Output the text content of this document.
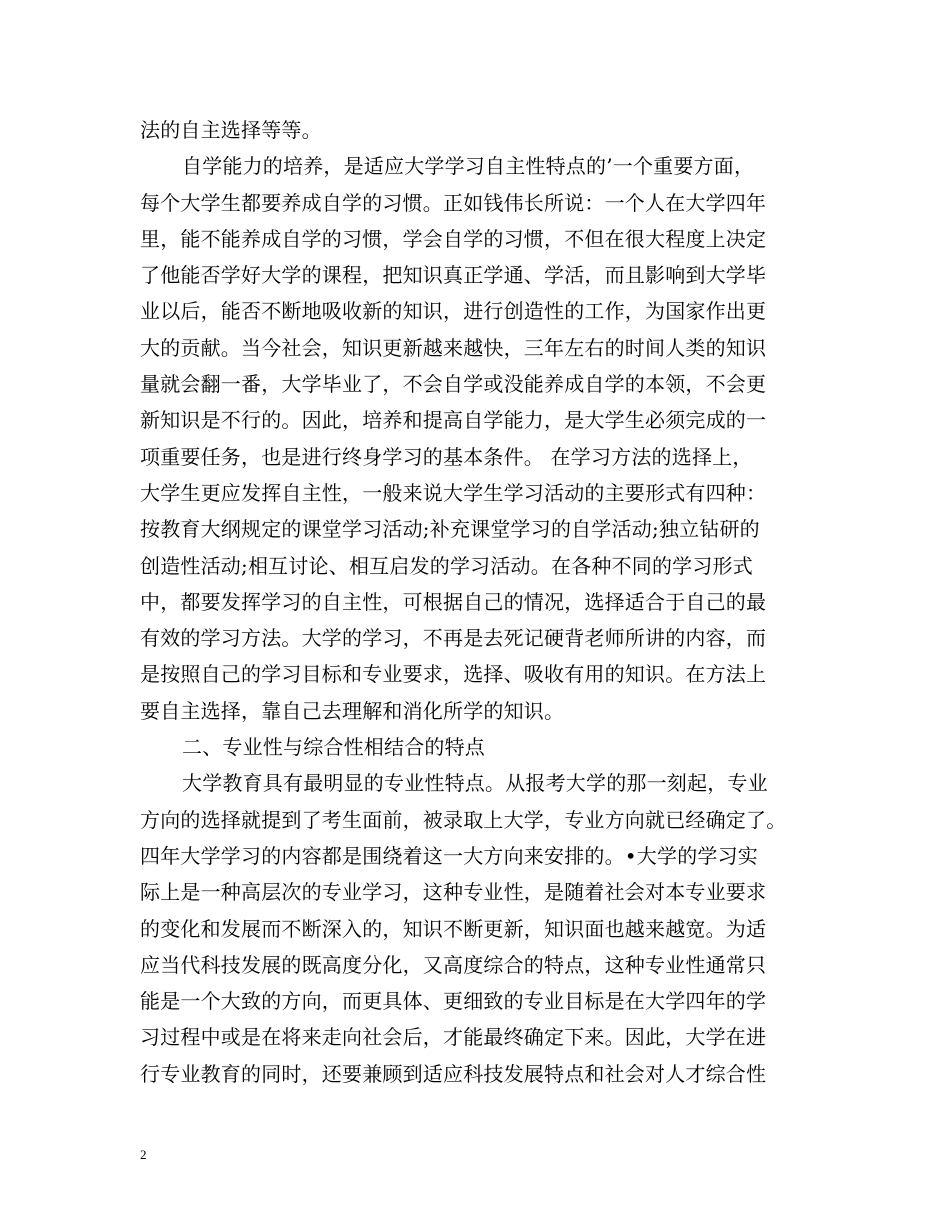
法的自主选择等等。
自学能力的培养，是适应大学学习自主性特点的’一个重要方面，
每个大学生都要养成自学的习惯。正如钱伟长所说：一个人在大学四年
里，能不能养成自学的习惯，学会自学的习惯，不但在很大程度上决定
了他能否学好大学的课程，把知识真正学通、学活，而且影响到大学毕
业以后，能否不断地吸收新的知识，进行创造性的工作，为国家作出更
大的贡献。当今社会，知识更新越来越快，三年左右的时间人类的知识
量就会翻一番，大学毕业了，不会自学或没能养成自学的本领，不会更
新知识是不行的。因此，培养和提高自学能力，是大学生必须完成的一
项重要任务，也是进行终身学习的基本条件。 在学习方法的选择上，
大学生更应发挥自主性，一般来说大学生学习活动的主要形式有四种：
按教育大纲规定的课堂学习活动;补充课堂学习的自学活动;独立钻研的
创造性活动;相互讨论、相互启发的学习活动。在各种不同的学习形式
中，都要发挥学习的自主性，可根据自己的情况，选择适合于自己的最
有效的学习方法。大学的学习，不再是去死记硬背老师所讲的内容，而
是按照自己的学习目标和专业要求，选择、吸收有用的知识。在方法上
要自主选择，靠自己去理解和消化所学的知识。
二、专业性与综合性相结合的特点
大学教育具有最明显的专业性特点。从报考大学的那一刻起，专业
方向的选择就提到了考生面前，被录取上大学，专业方向就已经确定了。
四年大学学习的内容都是围绕着这一大方向来安排的。•大学的学习实
际上是一种高层次的专业学习，这种专业性，是随着社会对本专业要求
的变化和发展而不断深入的，知识不断更新，知识面也越来越宽。为适
应当代科技发展的既高度分化，又高度综合的特点，这种专业性通常只
能是一个大致的方向，而更具体、更细致的专业目标是在大学四年的学
习过程中或是在将来走向社会后，才能最终确定下来。因此，大学在进
行专业教育的同时，还要兼顾到适应科技发展特点和社会对人才综合性
2
